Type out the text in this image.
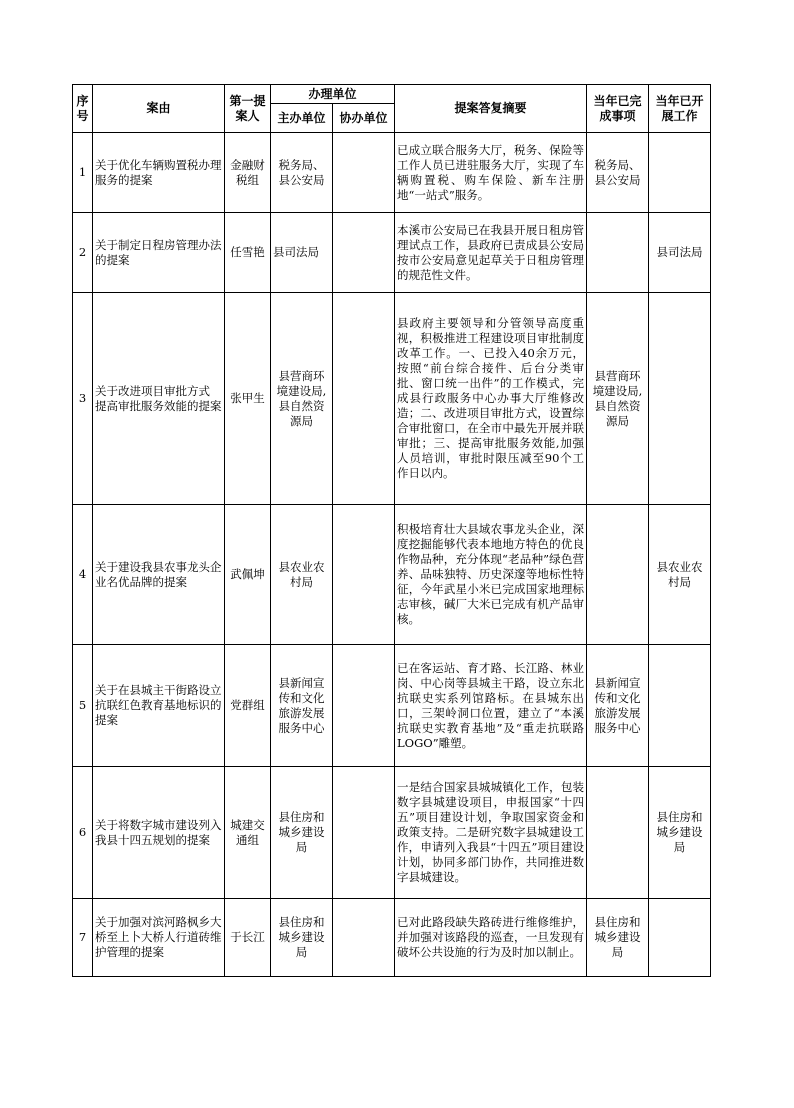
序号	案由	第一提案人	办理单位		提案答复摘要	当年已完成事项	当年已开展工作
			主办单位	协办单位			
1	关于优化车辆购置税办理服务的提案	金融财税组	税务局、县公安局		已成立联合服务大厅，税务、保险等工作人员已进驻服务大厅，实现了车辆购置税、购车保险、新车注册地“一站式”服务。	税务局、县公安局	
2	关于制定日程房管理办法的提案	任雪艳	县司法局		本溪市公安局已在我县开展日租房管理试点工作，县政府已责成县公安局按市公安局意见起草关于日租房管理的规范性文件。		县司法局
3	关于改进项目审批方式 提高审批服务效能的提案	张甲生	县营商环境建设局,县自然资源局		县政府主要领导和分管领导高度重视，积极推进工程建设项目审批制度改革工作。一、已投入40余万元，按照“前台综合接件、后台分类审批、窗口统一出件”的工作模式，完成县行政服务中心办事大厅维修改造；二、改进项目审批方式，设置综合审批窗口，在全市中最先开展并联审批；三、提高审批服务效能,加强人员培训，审批时限压减至90个工作日以内。	县营商环境建设局,县自然资源局	
4	关于建设我县农事龙头企业名优品牌的提案	武佩坤	县农业农村局		积极培育壮大县域农事龙头企业，深度挖掘能够代表本地地方特色的优良作物品种，充分体现“老品种”绿色营养、品味独特、历史深邃等地标性特征，今年武星小米已完成国家地理标志审核，碱厂大米已完成有机产品审核。		县农业农村局
5	关于在县城主干街路设立抗联红色教育基地标识的提案	党群组	县新闻宣传和文化旅游发展服务中心		已在客运站、育才路、长江路、林业岗、中心岗等县城主干路，设立东北抗联史实系列馆路标。在县城东出口，三架岭洞口位置，建立了“本溪抗联史实教育基地”及“重走抗联路LOGO”雕塑。	县新闻宣传和文化旅游发展服务中心	
6	关于将数字城市建设列入我县十四五规划的提案	城建交通组	县住房和城乡建设局		一是结合国家县城城镇化工作，包装数字县城建设项目，申报国家“十四五”项目建设计划，争取国家资金和政策支持。二是研究数字县城建设工作，申请列入我县“十四五”项目建设计划，协同多部门协作，共同推进数字县城建设。		县住房和城乡建设局
7	关于加强对滨河路枫乡大桥至上卜大桥人行道砖维护管理的提案	于长江	县住房和城乡建设局		已对此路段缺失路砖进行维修维护，并加强对该路段的巡查，一旦发现有破坏公共设施的行为及时加以制止。	县住房和城乡建设局	
